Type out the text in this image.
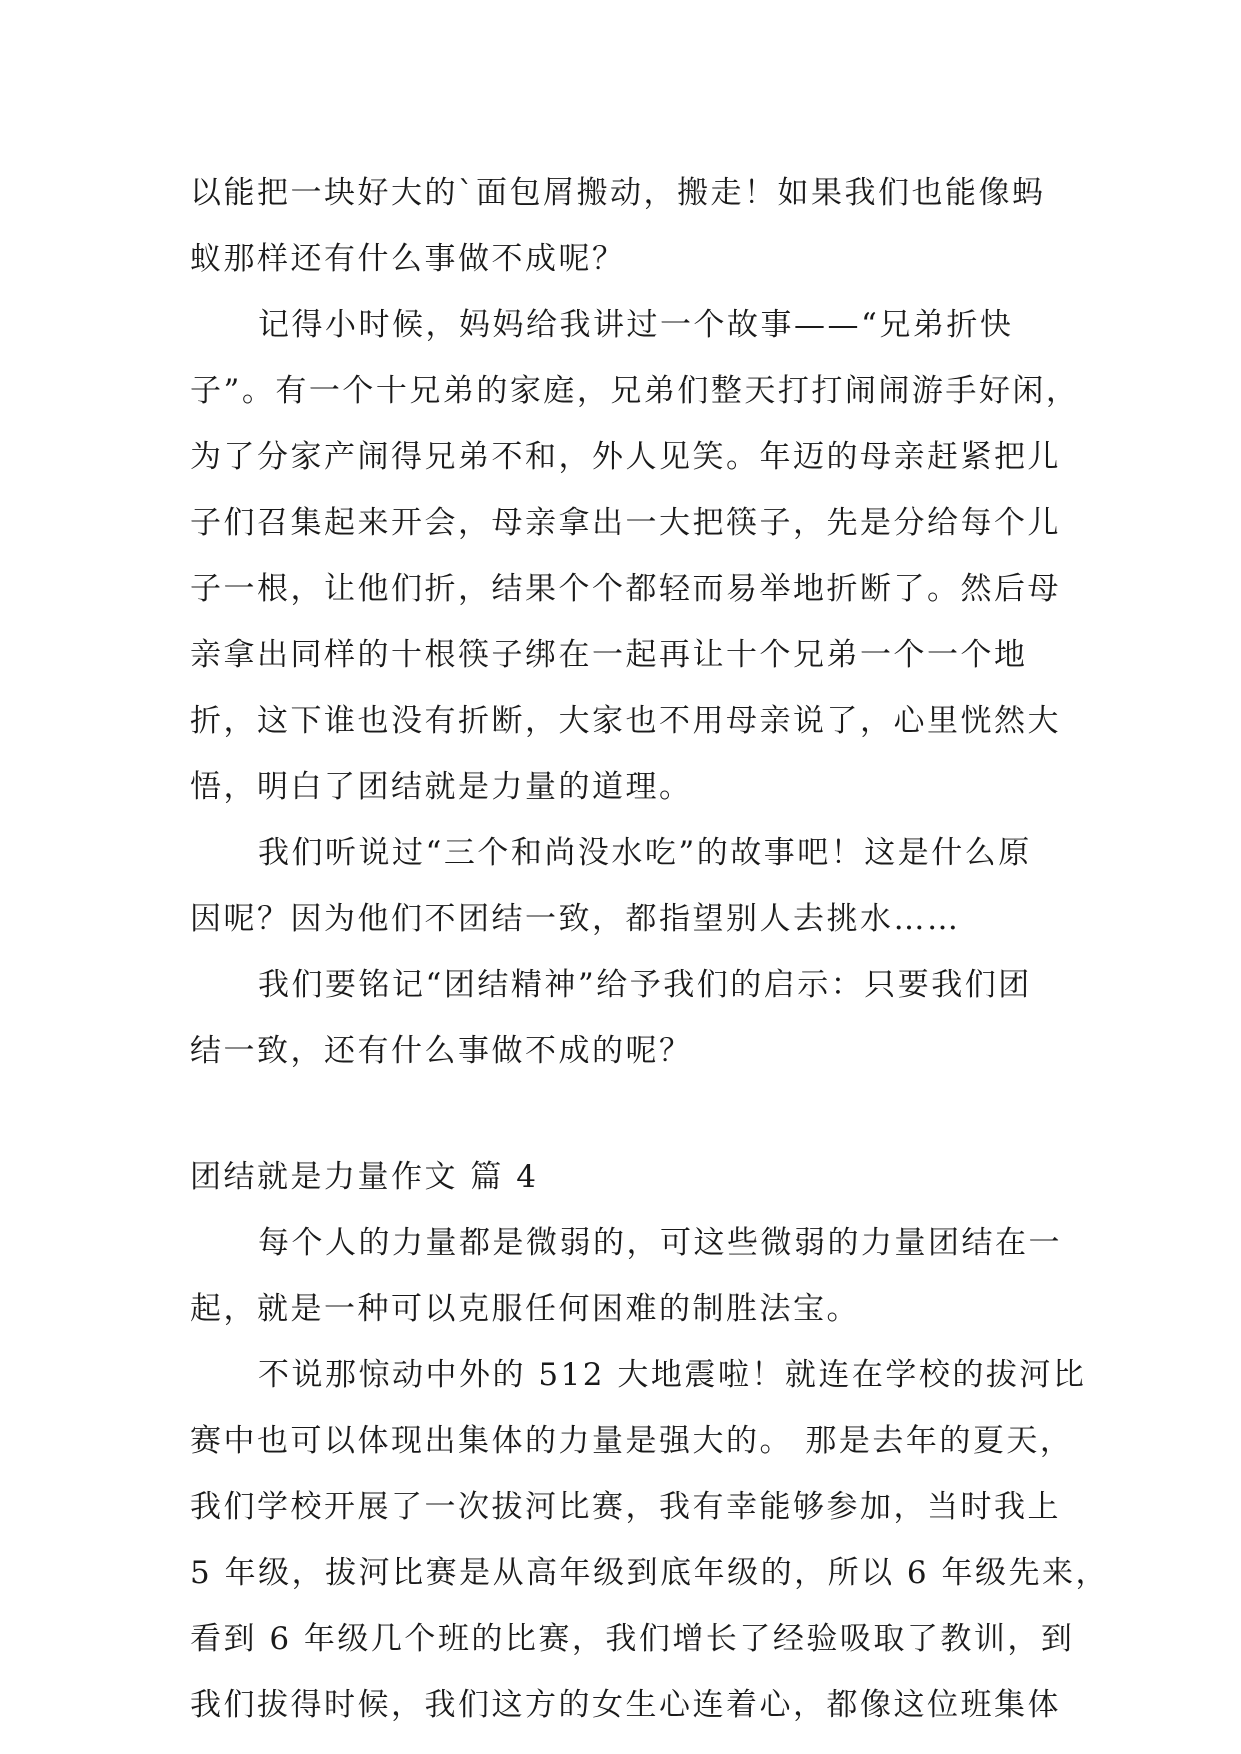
以能把一块好大的`面包屑搬动，搬走！如果我们也能像蚂
蚁那样还有什么事做不成呢？
记得小时候，妈妈给我讲过一个故事——“兄弟折快
子”。有一个十兄弟的家庭，兄弟们整天打打闹闹游手好闲，
为了分家产闹得兄弟不和，外人见笑。年迈的母亲赶紧把儿
子们召集起来开会，母亲拿出一大把筷子，先是分给每个儿
子一根，让他们折，结果个个都轻而易举地折断了。然后母
亲拿出同样的十根筷子绑在一起再让十个兄弟一个一个地
折，这下谁也没有折断，大家也不用母亲说了，心里恍然大
悟，明白了团结就是力量的道理。
我们听说过“三个和尚没水吃”的故事吧！这是什么原
因呢？因为他们不团结一致，都指望别人去挑水……
我们要铭记“团结精神”给予我们的启示：只要我们团
结一致，还有什么事做不成的呢？
团结就是力量作文 篇 4
每个人的力量都是微弱的，可这些微弱的力量团结在一
起，就是一种可以克服任何困难的制胜法宝。
不说那惊动中外的 512 大地震啦！就连在学校的拔河比
赛中也可以体现出集体的力量是强大的。 那是去年的夏天，
我们学校开展了一次拔河比赛，我有幸能够参加，当时我上
5 年级，拔河比赛是从高年级到底年级的，所以 6 年级先来，
看到 6 年级几个班的比赛，我们增长了经验吸取了教训，到
我们拔得时候，我们这方的女生心连着心，都像这位班集体
